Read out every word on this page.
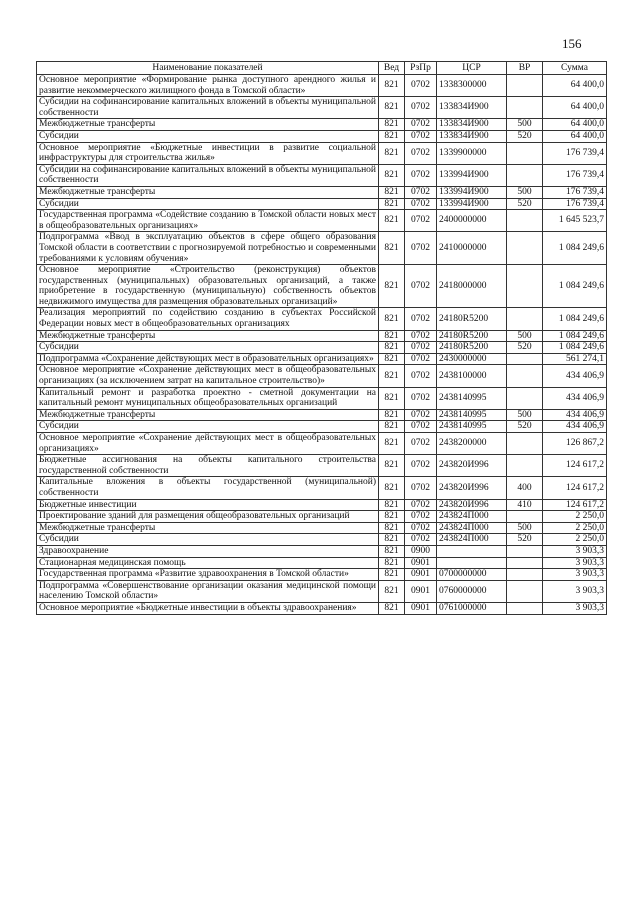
156
Наименование показателей	Вед	РзПр	ЦСР	ВР	Сумма
Основное мероприятие «Формирование рынка доступного арендного жилья и развитие некоммерческого жилищного фонда в Томской области»	821	0702	1338300000		64 400,0
Субсидии на софинансирование капитальных вложений в объекты муниципальной собственности	821	0702	133834И900		64 400,0
Межбюджетные трансферты	821	0702	133834И900	500	64 400,0
Субсидии	821	0702	133834И900	520	64 400,0
Основное мероприятие «Бюджетные инвестиции в развитие социальной инфраструктуры для строительства жилья»	821	0702	1339900000		176 739,4
Субсидии на софинансирование капитальных вложений в объекты муниципальной собственности	821	0702	133994И900		176 739,4
Межбюджетные трансферты	821	0702	133994И900	500	176 739,4
Субсидии	821	0702	133994И900	520	176 739,4
Государственная программа «Содействие созданию в Томской области новых мест в общеобразовательных организациях»	821	0702	2400000000		1 645 523,7
Подпрограмма «Ввод в эксплуатацию объектов в сфере общего образования Томской области в соответствии с прогнозируемой потребностью и современными требованиями к условиям обучения»	821	0702	2410000000		1 084 249,6
Основное мероприятие «Строительство (реконструкция) объектов государственных (муниципальных) образовательных организаций, а также приобретение в государственную (муниципальную) собственность объектов недвижимого имущества для размещения образовательных организаций»	821	0702	2418000000		1 084 249,6
Реализация мероприятий по содействию созданию в субъектах Российской Федерации новых мест в общеобразовательных организациях	821	0702	24180R5200		1 084 249,6
Межбюджетные трансферты	821	0702	24180R5200	500	1 084 249,6
Субсидии	821	0702	24180R5200	520	1 084 249,6
Подпрограмма «Сохранение действующих мест в образовательных организациях»	821	0702	2430000000		561 274,1
Основное мероприятие «Сохранение действующих мест в общеобразовательных организациях (за исключением затрат на капитальное строительство)»	821	0702	2438100000		434 406,9
Капитальный ремонт и разработка проектно - сметной документации на капитальный ремонт муниципальных общеобразовательных организаций	821	0702	2438140995		434 406,9
Межбюджетные трансферты	821	0702	2438140995	500	434 406,9
Субсидии	821	0702	2438140995	520	434 406,9
Основное мероприятие «Сохранение действующих мест в общеобразовательных организациях»	821	0702	2438200000		126 867,2
Бюджетные ассигнования на объекты капитального строительства государственной собственности	821	0702	243820И996		124 617,2
Капитальные вложения в объекты государственной (муниципальной) собственности	821	0702	243820И996	400	124 617,2
Бюджетные инвестиции	821	0702	243820И996	410	124 617,2
Проектирование зданий для размещения общеобразовательных организаций	821	0702	243824П000		2 250,0
Межбюджетные трансферты	821	0702	243824П000	500	2 250,0
Субсидии	821	0702	243824П000	520	2 250,0
Здравоохранение	821	0900			3 903,3
Стационарная медицинская помощь	821	0901			3 903,3
Государственная программа «Развитие здравоохранения в Томской области»	821	0901	0700000000		3 903,3
Подпрограмма «Совершенствование организации оказания медицинской помощи населению Томской области»	821	0901	0760000000		3 903,3
Основное мероприятие «Бюджетные инвестиции в объекты здравоохранения»	821	0901	0761000000		3 903,3
